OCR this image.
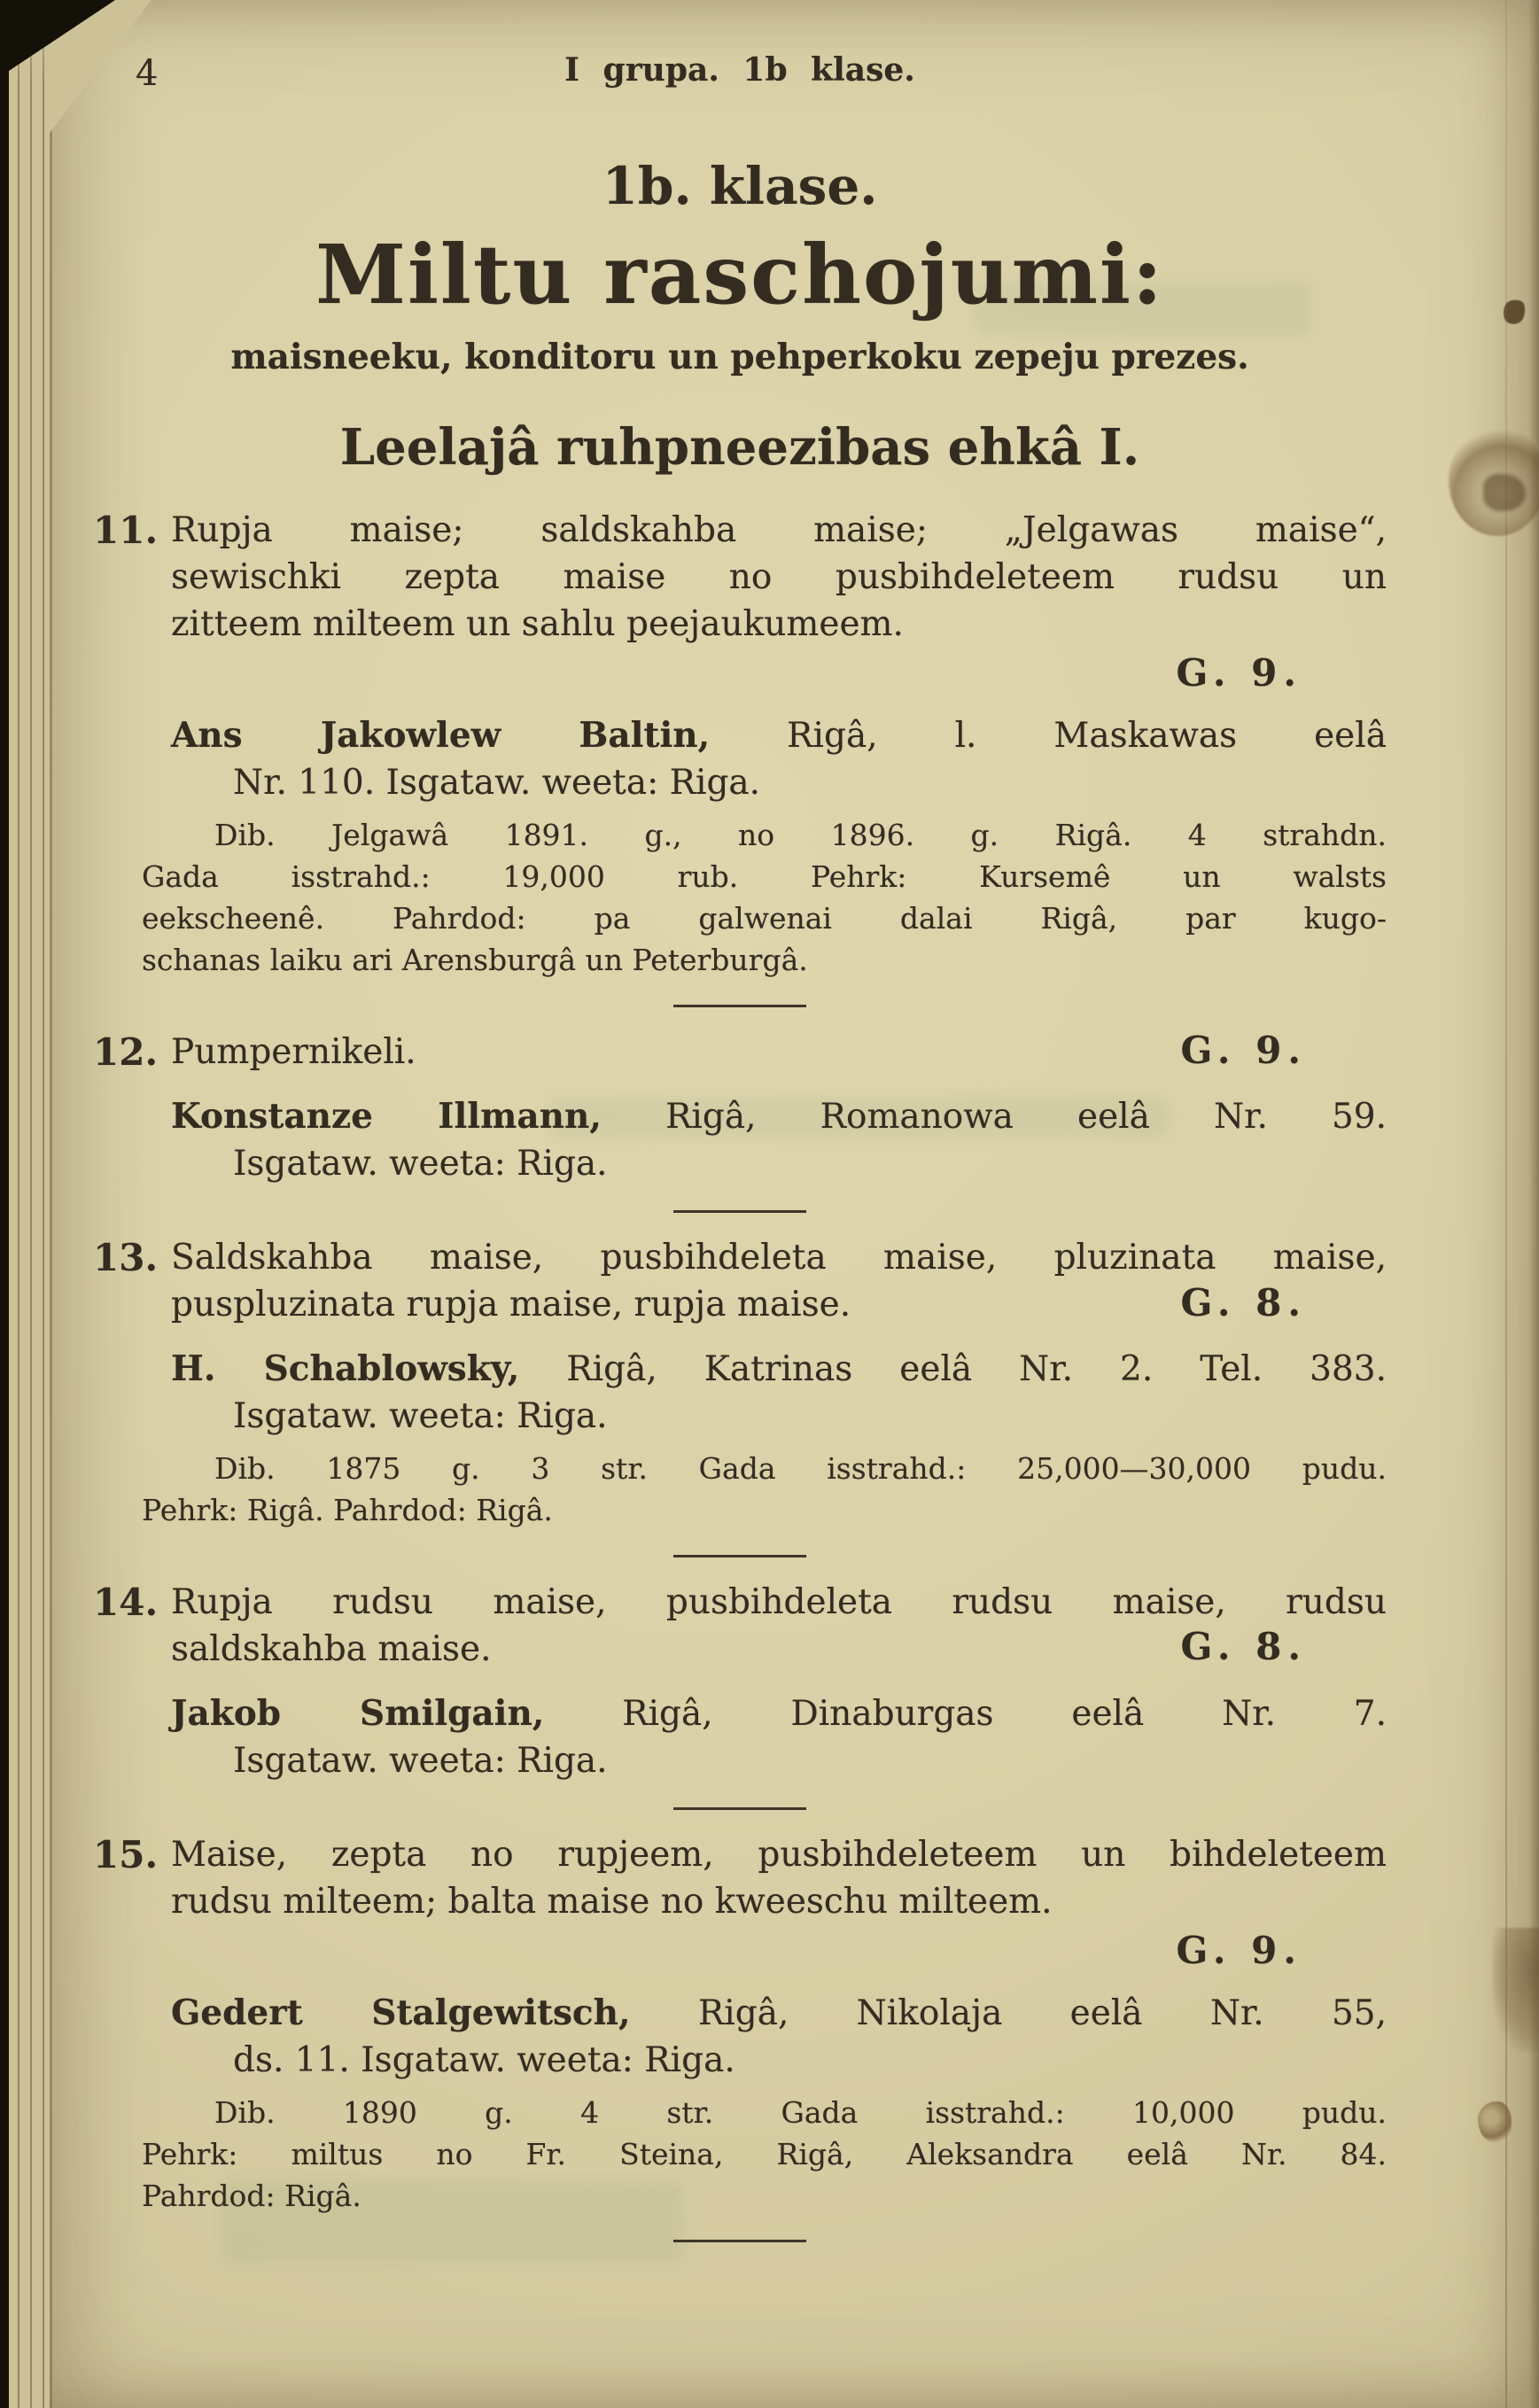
4	I grupa. 1b klase.
1b. klase.
Miltu raschojumi:
maisneeku, konditoru un pehperkoku zepeju prezes.
Leelajâ ruhpneezibas ehkâ I.
11. Rupja maise; saldskahba maise; „Jelgawas maise“,
sewischki zepta maise no pusbihdeleteem rudsu un
zitteem milteem un sahlu peejaukumeem.
G. 9.

Ans Jakowlew Baltin, Rigâ, l. Maskawas eelâ
Nr. 110. Isgataw. weeta: Riga.

Dib. Jelgawâ 1891. g., no 1896. g. Rigâ. 4 strahdn.
Gada isstrahd.: 19,000 rub. Pehrk: Kursemê un walsts
eekscheenê. Pahrdod: pa galwenai dalai Rigâ, par kugo-
schanas laiku ari Arensburgâ un Peterburgâ.

12.	G. 9.
Pumpernikeli.

Konstanze Illmann, Rigâ, Romanowa eelâ Nr. 59.
Isgataw. weeta: Riga.

13.
G. 8.
Saldskahba maise, pusbihdeleta maise, pluzinata maise,
puspluzinata rupja maise, rupja maise.

H. Schablowsky, Rigâ, Katrinas eelâ Nr. 2. Tel. 383.
Isgataw. weeta: Riga.

Dib. 1875 g. 3 str. Gada isstrahd.: 25,000—30,000 pudu.
Pehrk: Rigâ. Pahrdod: Rigâ.

14.
G. 8.
Rupja rudsu maise, pusbihdeleta rudsu maise, rudsu
saldskahba maise.

Jakob Smilgain, Rigâ, Dinaburgas eelâ Nr. 7.
Isgataw. weeta: Riga.

15. Maise, zepta no rupjeem, pusbihdeleteem un bihdeleteem
rudsu milteem; balta maise no kweeschu milteem.
G. 9.

Gedert Stalgewitsch, Rigâ, Nikolaja eelâ Nr. 55,
ds. 11. Isgataw. weeta: Riga.

Dib. 1890 g. 4 str. Gada isstrahd.: 10,000 pudu.
Pehrk: miltus no Fr. Steina, Rigâ, Aleksandra eelâ Nr. 84.
Pahrdod: Rigâ.
